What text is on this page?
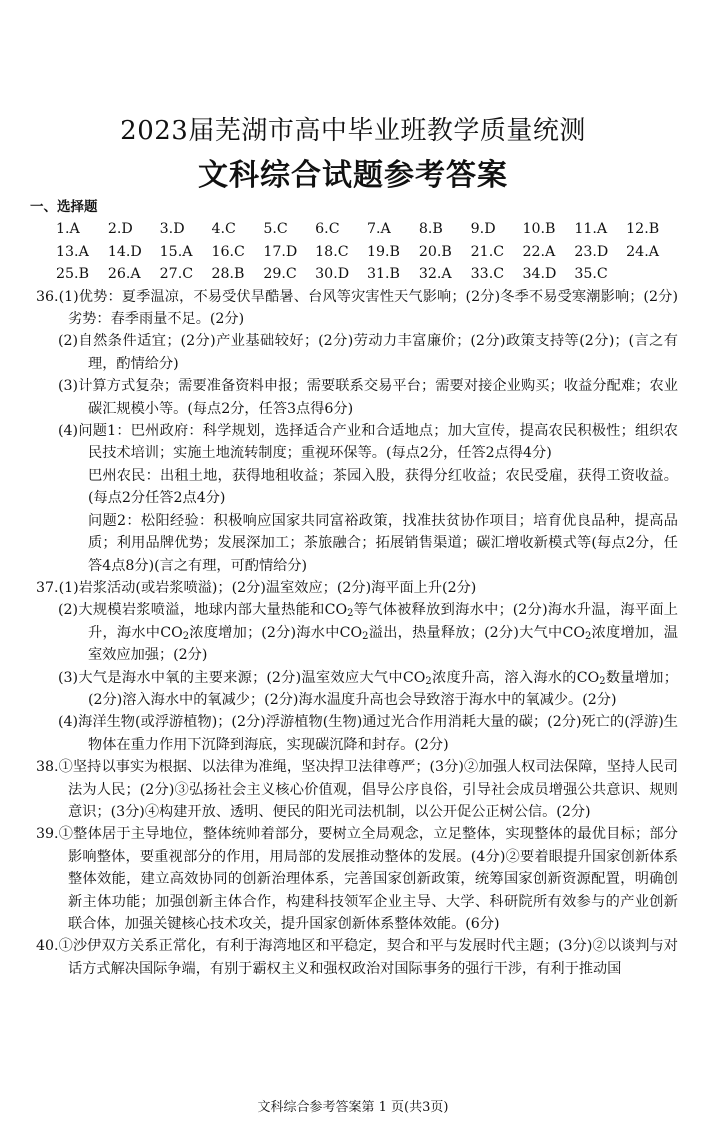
2023届芜湖市高中毕业班教学质量统测
文科综合试题参考答案
一、选择题
1.A	2.D	3.D	4.C	5.C	6.C	7.A	8.B	9.D	10.B	11.A	12.B
13.A	14.D	15.A	16.C	17.D	18.C	19.B	20.B	21.C	22.A	23.D	24.A
25.B	26.A	27.C	28.B	29.C	30.D	31.B	32.A	33.C	34.D	35.C

36.(1)优势：夏季温凉，不易受伏旱酷暑、台风等灾害性天气影响；(2分)冬季不易受寒潮影响；(2分)劣势：春季雨量不足。(2分)

(2)自然条件适宜；(2分)产业基础较好；(2分)劳动力丰富廉价；(2分)政策支持等(2分)；(言之有理，酌情给分)

(3)计算方式复杂；需要准备资料申报；需要联系交易平台；需要对接企业购买；收益分配难；农业碳汇规模小等。(每点2分，任答3点得6分)

(4)问题1：巴州政府：科学规划，选择适合产业和合适地点；加大宣传，提高农民积极性；组织农民技术培训；实施土地流转制度；重视环保等。(每点2分，任答2点得4分)

巴州农民：出租土地，获得地租收益；茶园入股，获得分红收益；农民受雇，获得工资收益。(每点2分任答2点4分)

问题2：松阳经验：积极响应国家共同富裕政策，找准扶贫协作项目；培育优良品种，提高品质；利用品牌优势；发展深加工；茶旅融合；拓展销售渠道；碳汇增收新模式等(每点2分，任答4点8分)(言之有理，可酌情给分)

37.(1)岩浆活动(或岩浆喷溢)；(2分)温室效应；(2分)海平面上升(2分)

(2)大规模岩浆喷溢，地球内部大量热能和$CO_2$等气体被释放到海水中；(2分)海水升温，海平面上升，海水中$CO_2$浓度增加；(2分)海水中$CO_2$溢出，热量释放；(2分)大气中$CO_2$浓度增加，温室效应加强；(2分)

(3)大气是海水中氧的主要来源；(2分)温室效应大气中$CO_2$浓度升高，溶入海水的$CO_2$数量增加；(2分)溶入海水中的氧减少；(2分)海水温度升高也会导致溶于海水中的氧减少。(2分)

(4)海洋生物(或浮游植物)；(2分)浮游植物(生物)通过光合作用消耗大量的碳；(2分)死亡的(浮游)生物体在重力作用下沉降到海底，实现碳沉降和封存。(2分)

38.①坚持以事实为根据、以法律为准绳，坚决捍卫法律尊严；(3分)②加强人权司法保障，坚持人民司法为人民；(2分)③弘扬社会主义核心价值观，倡导公序良俗，引导社会成员增强公共意识、规则意识；(3分)④构建开放、透明、便民的阳光司法机制，以公开促公正树公信。(2分)

39.①整体居于主导地位，整体统帅着部分，要树立全局观念，立足整体，实现整体的最优目标；部分影响整体，要重视部分的作用，用局部的发展推动整体的发展。(4分)②要着眼提升国家创新体系整体效能，建立高效协同的创新治理体系，完善国家创新政策，统筹国家创新资源配置，明确创新主体功能；加强创新主体合作，构建科技领军企业主导、大学、科研院所有效参与的产业创新联合体，加强关键核心技术攻关，提升国家创新体系整体效能。(6分)

40.①沙伊双方关系正常化，有利于海湾地区和平稳定，契合和平与发展时代主题；(3分)②以谈判与对话方式解决国际争端，有别于霸权主义和强权政治对国际事务的强行干涉，有利于推动国

文科综合参考答案第 1 页(共3页)
